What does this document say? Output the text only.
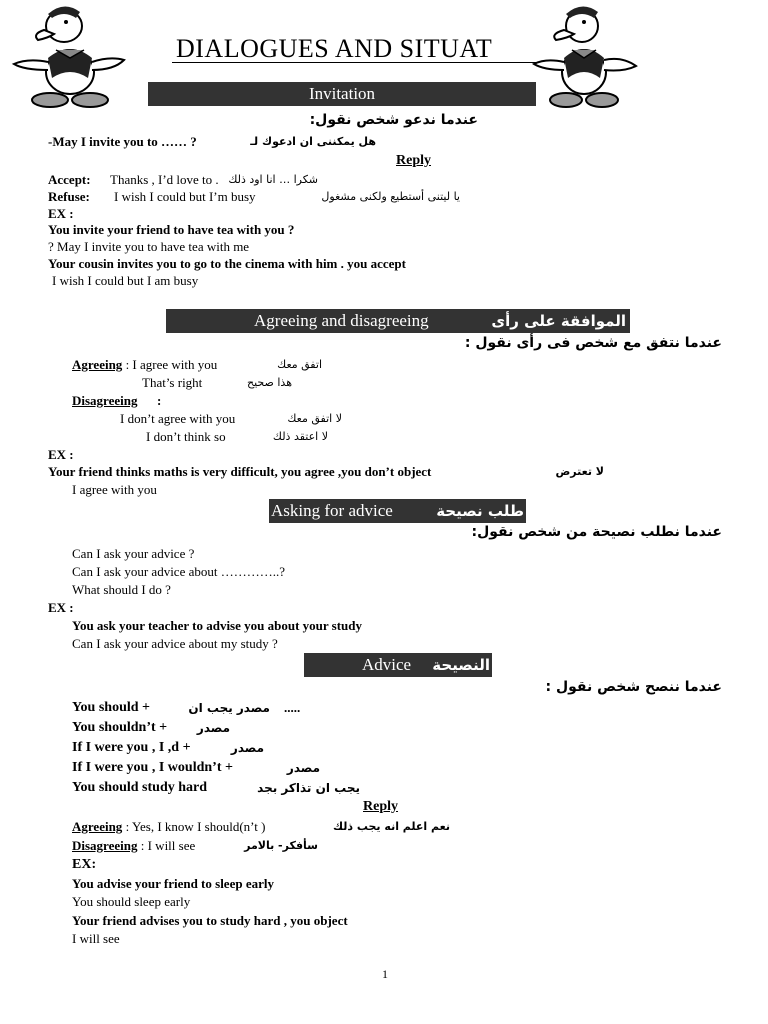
DIALOGUES AND SITUAT
Invitation
عندما ندعو شخص نقول:
-May I invite you to …… ?	هل يمكننى ان ادعوك لـ
Reply
Accept: Thanks , I’d love to . شكرا … انا اود ذلك
Refuse: I wish I could but I’m busy	يا ليتنى أستطيع ولكنى مشغول
EX :
You invite your friend to have tea with you ?
? May I invite you to have tea with me
Your cousin invites you to go to the cinema with him . you accept
I wish I could but I am busy
Agreeing and disagreeing	الموافقة على رأى
عندما نتفق مع شخص فى رأى نقول :
Agreeing : I agree with you	اتفق معك
That’s right	هذا صحيح
Disagreeing :
I don’t agree with you	لا اتفق معك
I don’t think so	لا اعتقد ذلك
EX :
Your friend thinks maths is very difficult, you agree ,you don’t object	لا تعترض
I agree with you
Asking for advice	طلب نصيحة
عندما نطلب نصيحة من شخص نقول:
Can I ask your advice ?
Can I ask your advice about …………..?
What should I do ?
EX :
You ask your teacher to advise you about your study
Can I ask your advice about my study ?
Advice النصيحة
عندما ننصح شخص نقول :
You should +	مصدر يجب ان .....
You shouldn’t + مصدر
If I were you , I ,d +	مصدر
If I were you , I wouldn’t +	مصدر
You should study hard	يجب ان تذاكر بجد
Reply
Agreeing : Yes, I know I should(n’t )	نعم اعلم انه يجب ذلك
Disagreeing : I will see	سأفكر- بالامر
EX:
You advise your friend to sleep early
You should sleep early
Your friend advises you to study hard , you object
I will see
1
